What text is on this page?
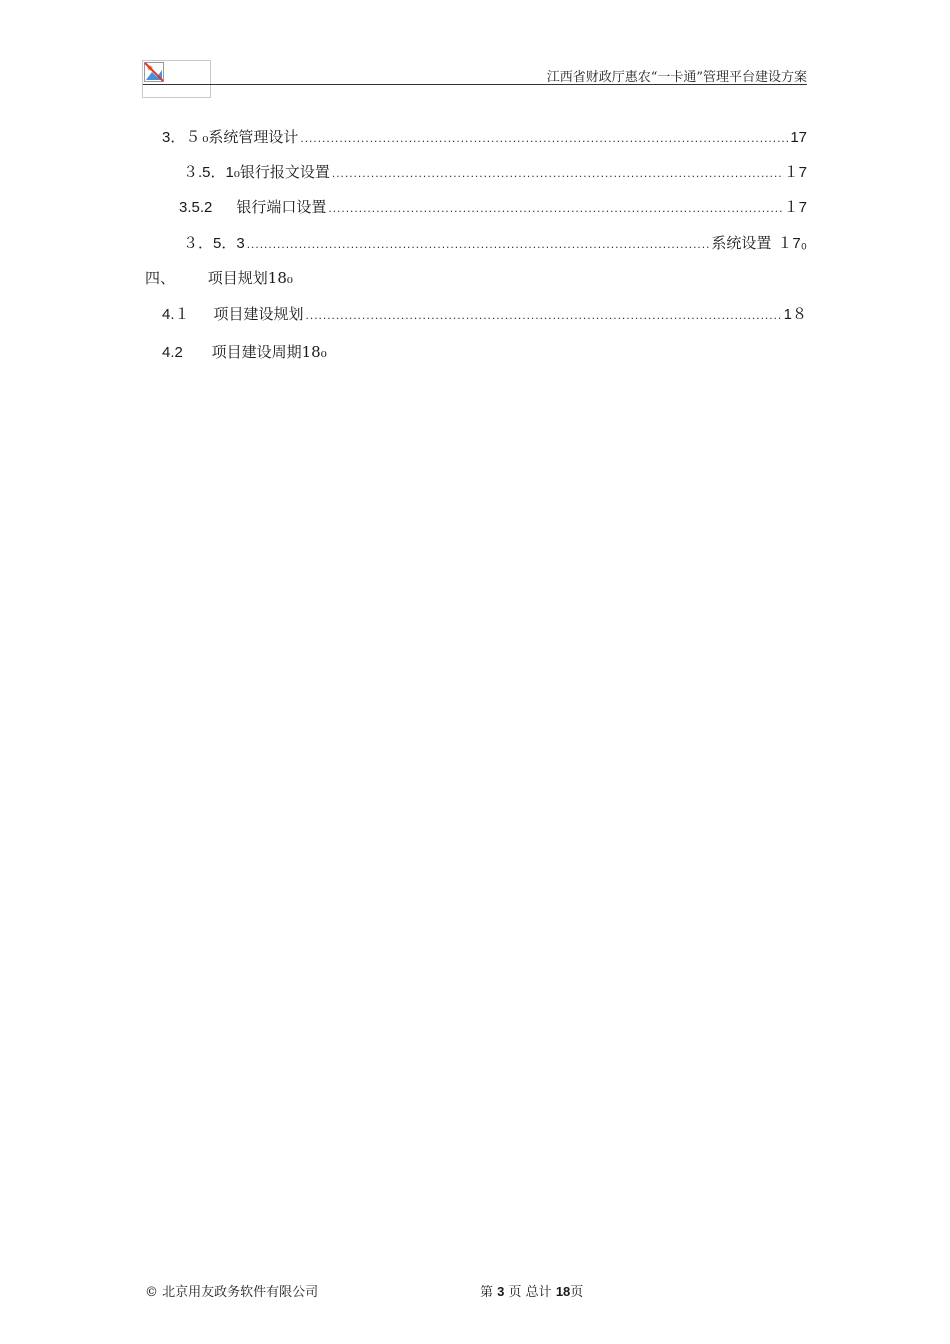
江西省财政厅惠农“一卡通”管理平台建设方案
3．５ ₀系统管理设计 .....	17
３.5．1 ₀银行报文设置 .....	１7
3.5.2 银行端口设置 .....	１7
３．5．3 .....	系统设置 １7₀
四、 项目规划18₀
4.１ 项目建设规划 .....	1８
4.2 项目建设周期18₀
© 北京用友政务软件有限公司	第 3 页 总计 18页
